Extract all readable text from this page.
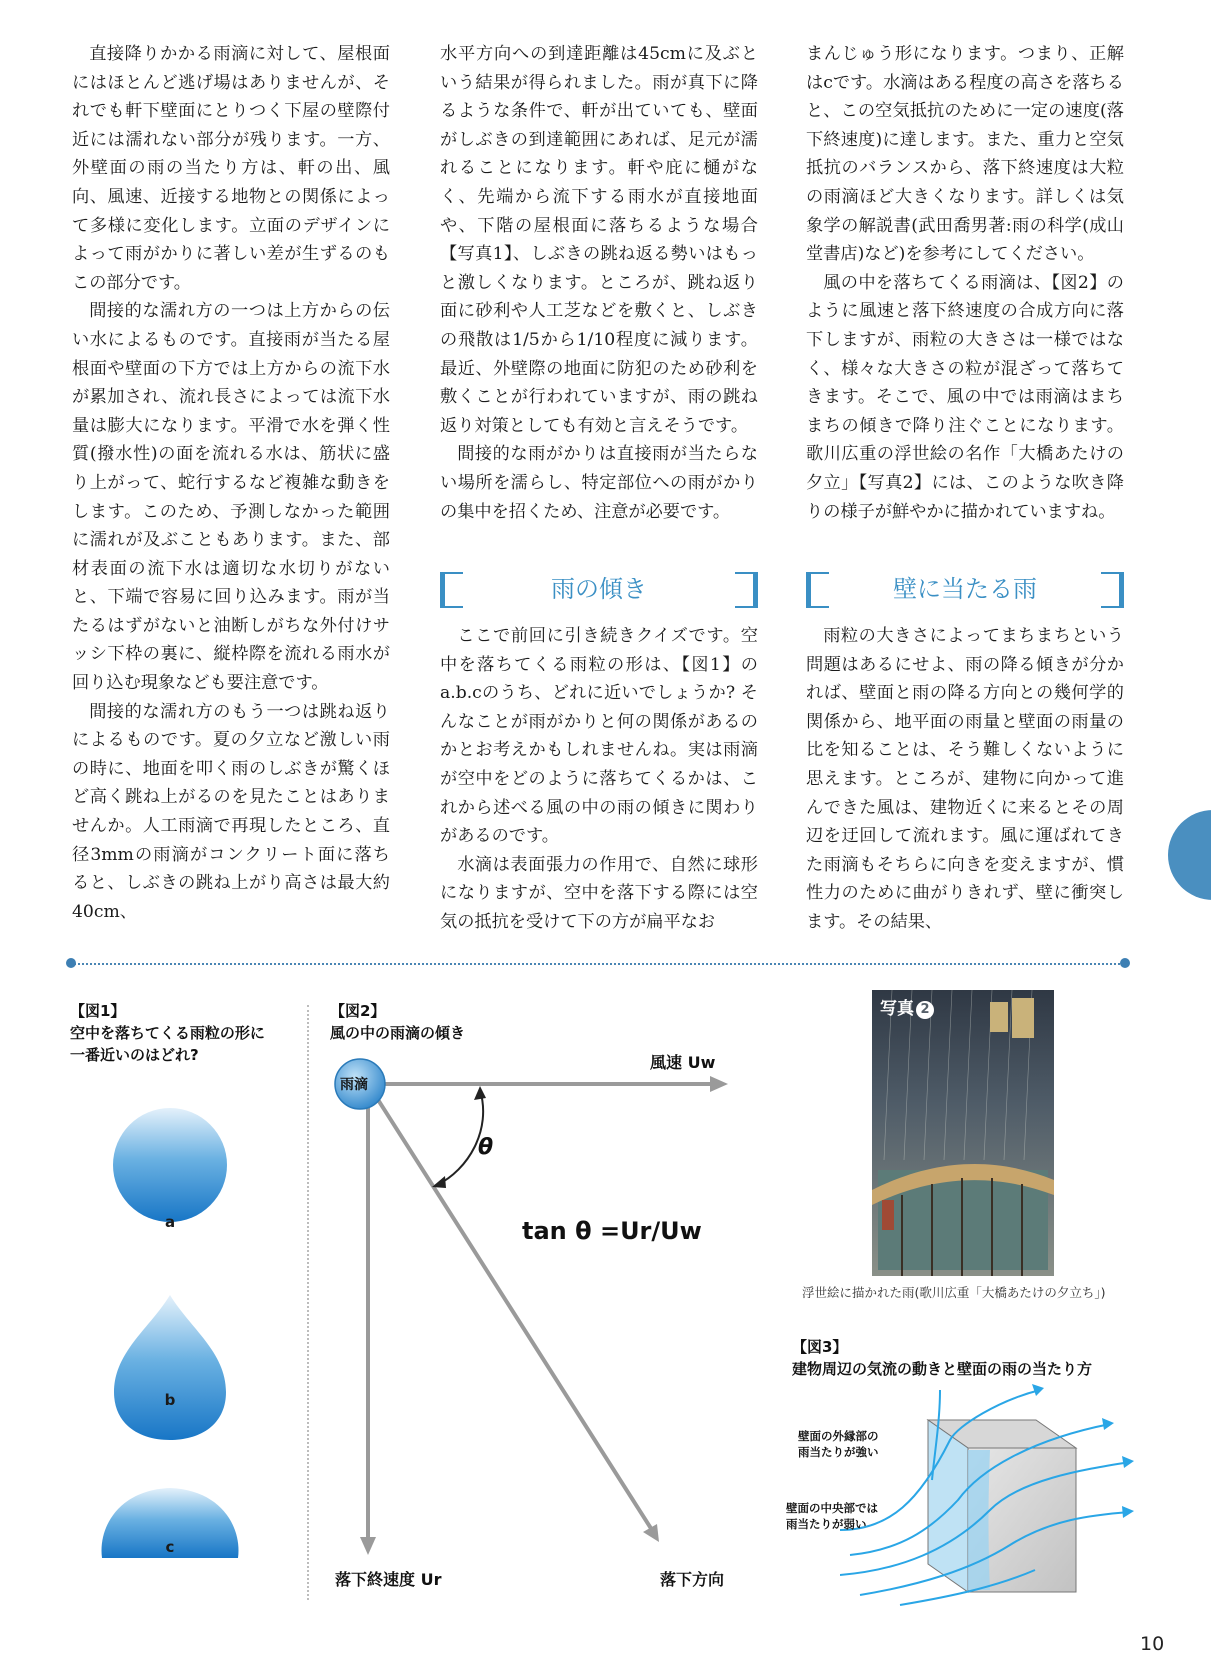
直接降りかかる雨滴に対して、屋根面にはほとんど逃げ場はありませんが、それでも軒下壁面にとりつく下屋の壁際付近には濡れない部分が残ります。一方、外壁面の雨の当たり方は、軒の出、風向、風速、近接する地物との関係によって多様に変化します。立面のデザインによって雨がかりに著しい差が生ずるのもこの部分です。

間接的な濡れ方の一つは上方からの伝い水によるものです。直接雨が当たる屋根面や壁面の下方では上方からの流下水が累加され、流れ長さによっては流下水量は膨大になります。平滑で水を弾く性質(撥水性)の面を流れる水は、筋状に盛り上がって、蛇行するなど複雑な動きをします。このため、予測しなかった範囲に濡れが及ぶこともあります。また、部材表面の流下水は適切な水切りがないと、下端で容易に回り込みます。雨が当たるはずがないと油断しがちな外付けサッシ下枠の裏に、縦枠際を流れる雨水が回り込む現象なども要注意です。

間接的な濡れ方のもう一つは跳ね返りによるものです。夏の夕立など激しい雨の時に、地面を叩く雨のしぶきが驚くほど高く跳ね上がるのを見たことはありませんか。人工雨滴で再現したところ、直径3mmの雨滴がコンクリート面に落ちると、しぶきの跳ね上がり高さは最大約40cm、

水平方向への到達距離は45cmに及ぶという結果が得られました。雨が真下に降るような条件で、軒が出ていても、壁面がしぶきの到達範囲にあれば、足元が濡れることになります。軒や庇に樋がなく、先端から流下する雨水が直接地面や、下階の屋根面に落ちるような場合【写真1】、しぶきの跳ね返る勢いはもっと激しくなります。ところが、跳ね返り面に砂利や人工芝などを敷くと、しぶきの飛散は1/5から1/10程度に減ります。最近、外壁際の地面に防犯のため砂利を敷くことが行われていますが、雨の跳ね返り対策としても有効と言えそうです。

間接的な雨がかりは直接雨が当たらない場所を濡らし、特定部位への雨がかりの集中を招くため、注意が必要です。

雨の傾き

ここで前回に引き続きクイズです。空中を落ちてくる雨粒の形は、【図1】のa.b.cのうち、どれに近いでしょうか? そんなことが雨がかりと何の関係があるのかとお考えかもしれませんね。実は雨滴が空中をどのように落ちてくるかは、これから述べる風の中の雨の傾きに関わりがあるのです。

水滴は表面張力の作用で、自然に球形になりますが、空中を落下する際には空気の抵抗を受けて下の方が扁平なお

まんじゅう形になります。つまり、正解はcです。水滴はある程度の高さを落ちると、この空気抵抗のために一定の速度(落下終速度)に達します。また、重力と空気抵抗のバランスから、落下終速度は大粒の雨滴ほど大きくなります。詳しくは気象学の解説書(武田喬男著:雨の科学(成山堂書店)など)を参考にしてください。

風の中を落ちてくる雨滴は、【図2】のように風速と落下終速度の合成方向に落下しますが、雨粒の大きさは一様ではなく、様々な大きさの粒が混ざって落ちてきます。そこで、風の中では雨滴はまちまちの傾きで降り注ぐことになります。歌川広重の浮世絵の名作「大橋あたけの夕立」【写真2】には、このような吹き降りの様子が鮮やかに描かれていますね。

壁に当たる雨

雨粒の大きさによってまちまちという問題はあるにせよ、雨の降る傾きが分かれば、壁面と雨の降る方向との幾何学的関係から、地平面の雨量と壁面の雨量の比を知ることは、そう難しくないように思えます。ところが、建物に向かって進んできた風は、建物近くに来るとその周辺を迂回して流れます。風に運ばれてきた雨滴もそちらに向きを変えますが、慣性力のために曲がりきれず、壁に衝突します。その結果、

【図1】
空中を落ちてくる雨粒の形に
一番近いのはどれ?
a
b
c
【図2】
風の中の雨滴の傾き
雨滴
風速 Uw
θ
tan θ =Ur/Uw
落下終速度 Ur	落下方向
写真 2
浮世絵に描かれた雨(歌川広重「大橋あたけの夕立ち」)
【図3】
建物周辺の気流の動きと壁面の雨の当たり方
壁面の外縁部の
雨当たりが強い
壁面の中央部では
雨当たりが弱い
10
